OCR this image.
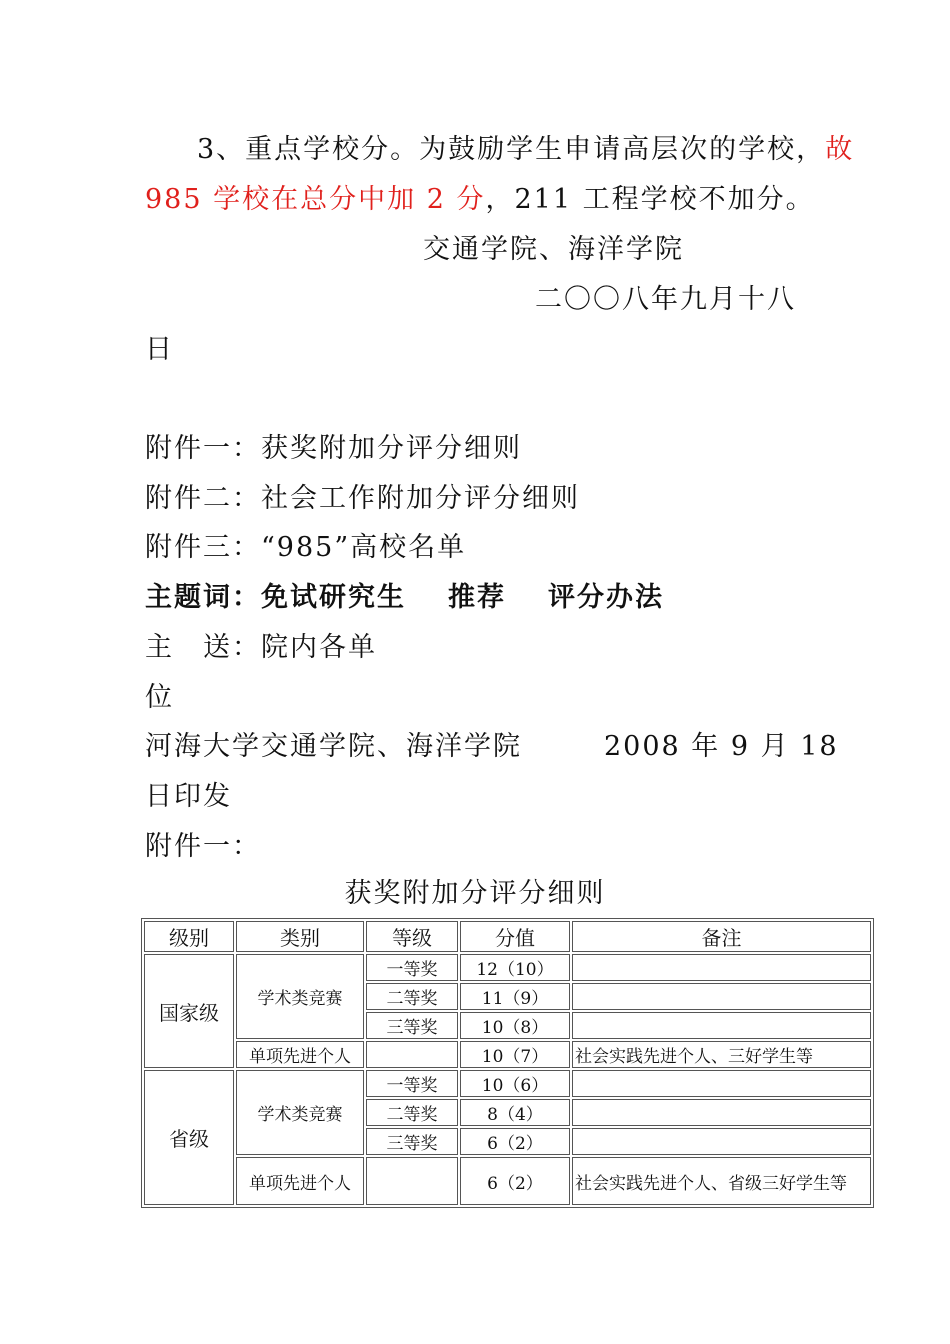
3、重点学校分。为鼓励学生申请高层次的学校，故
985 学校在总分中加 2 分，211 工程学校不加分。
交通学院、海洋学院
二〇〇八年九月十八
日
附件一：获奖附加分评分细则
附件二：社会工作附加分评分细则
附件三：“985”高校名单
主题词：免试研究生 推荐 评分办法
主　送：院内各单
位
河海大学交通学院、海洋学院	2008 年 9 月 18
日印发
附件一：
获奖附加分评分细则
级别	类别	等级	分值	备注
国家级	学术类竞赛	一等奖	12（10）	
		二等奖	11（9）	
		三等奖	10（8）	
	单项先进个人		10（7）	社会实践先进个人、三好学生等
省级	学术类竞赛	一等奖	10（6）	
		二等奖	8（4）	
		三等奖	6（2）	
	单项先进个人		6（2）	社会实践先进个人、省级三好学生等
